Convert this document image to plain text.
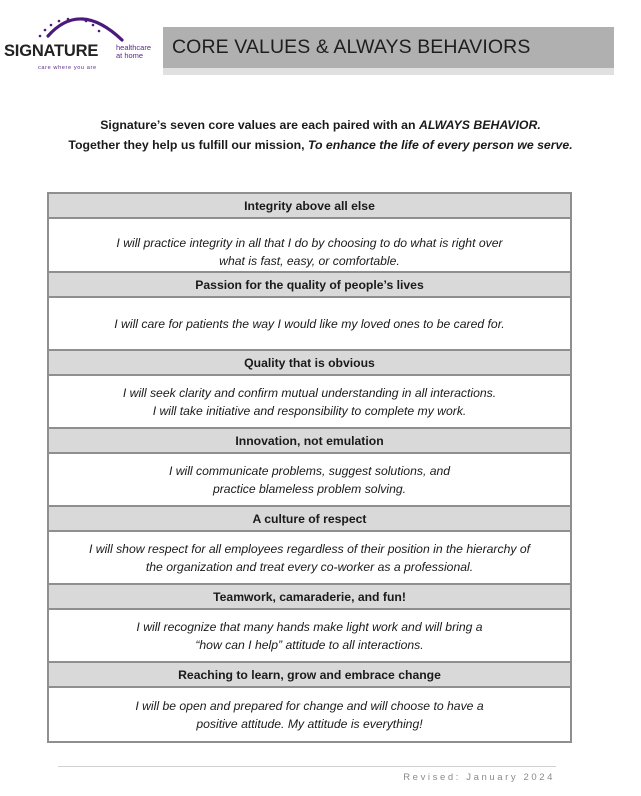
SIGNATURE healthcare
at home
care where you are
CORE VALUES & ALWAYS BEHAVIORS
Signature’s seven core values are each paired with an ALWAYS BEHAVIOR.
Together they help us fulfill our mission, To enhance the life of every person we serve.
Integrity above all else
I will practice integrity in all that I do by choosing to do what is right over
what is fast, easy, or comfortable.
Passion for the quality of people’s lives
I will care for patients the way I would like my loved ones to be cared for.
Quality that is obvious
I will seek clarity and confirm mutual understanding in all interactions.
I will take initiative and responsibility to complete my work.
Innovation, not emulation
I will communicate problems, suggest solutions, and
practice blameless problem solving.
A culture of respect
I will show respect for all employees regardless of their position in the hierarchy of
the organization and treat every co-worker as a professional.
Teamwork, camaraderie, and fun!
I will recognize that many hands make light work and will bring a
“how can I help” attitude to all interactions.
Reaching to learn, grow and embrace change
I will be open and prepared for change and will choose to have a
positive attitude. My attitude is everything!
Revised: January 2024
